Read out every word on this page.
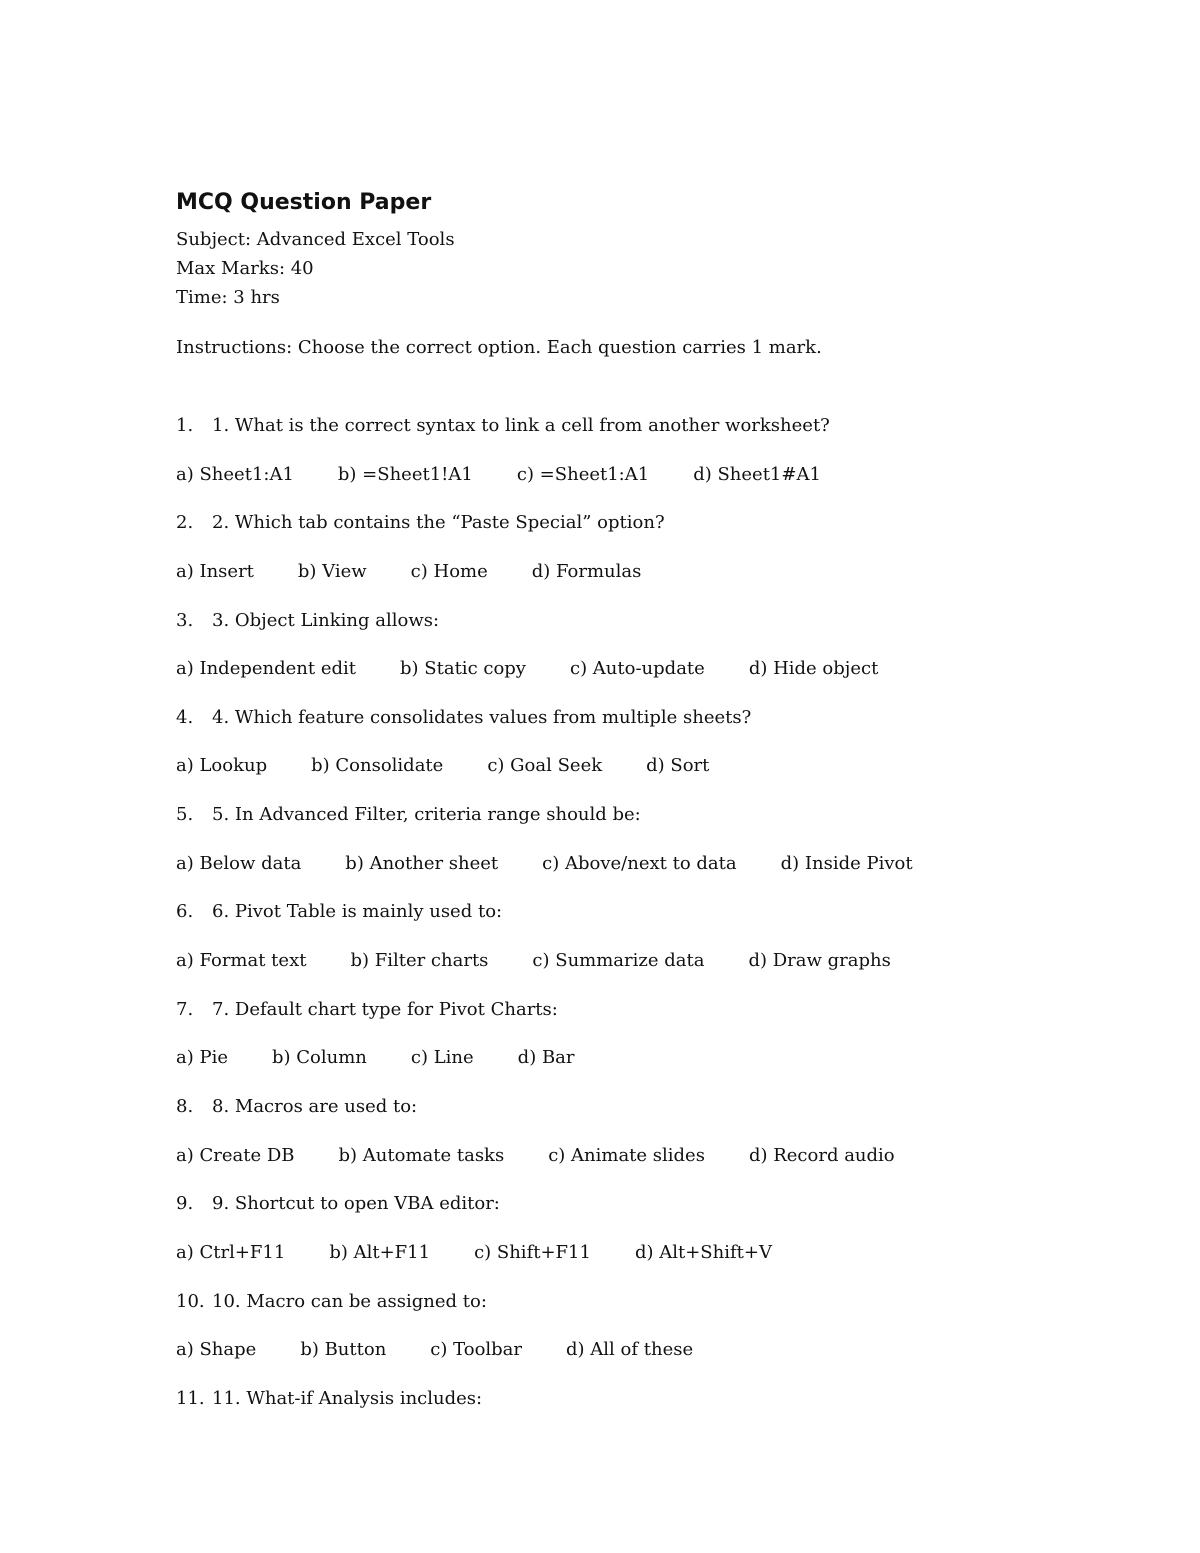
MCQ Question Paper
Subject: Advanced Excel Tools
Max Marks: 40
Time: 3 hrs
Instructions: Choose the correct option. Each question carries 1 mark.
1.	1. What is the correct syntax to link a cell from another worksheet?
a) Sheet1:A1 b) =Sheet1!A1 c) =Sheet1:A1 d) Sheet1#A1
2.	2. Which tab contains the “Paste Special” option?
a) Insert b) View c) Home d) Formulas
3.	3. Object Linking allows:
a) Independent edit b) Static copy c) Auto-update d) Hide object
4.	4. Which feature consolidates values from multiple sheets?
a) Lookup b) Consolidate c) Goal Seek d) Sort
5.	5. In Advanced Filter, criteria range should be:
a) Below data b) Another sheet c) Above/next to data d) Inside Pivot
6.	6. Pivot Table is mainly used to:
a) Format text b) Filter charts c) Summarize data d) Draw graphs
7.	7. Default chart type for Pivot Charts:
a) Pie b) Column c) Line d) Bar
8.	8. Macros are used to:
a) Create DB b) Automate tasks c) Animate slides d) Record audio
9.	9. Shortcut to open VBA editor:
a) Ctrl+F11 b) Alt+F11 c) Shift+F11 d) Alt+Shift+V
10. 10. Macro can be assigned to:
a) Shape b) Button c) Toolbar d) All of these
11. 11. What-if Analysis includes:
